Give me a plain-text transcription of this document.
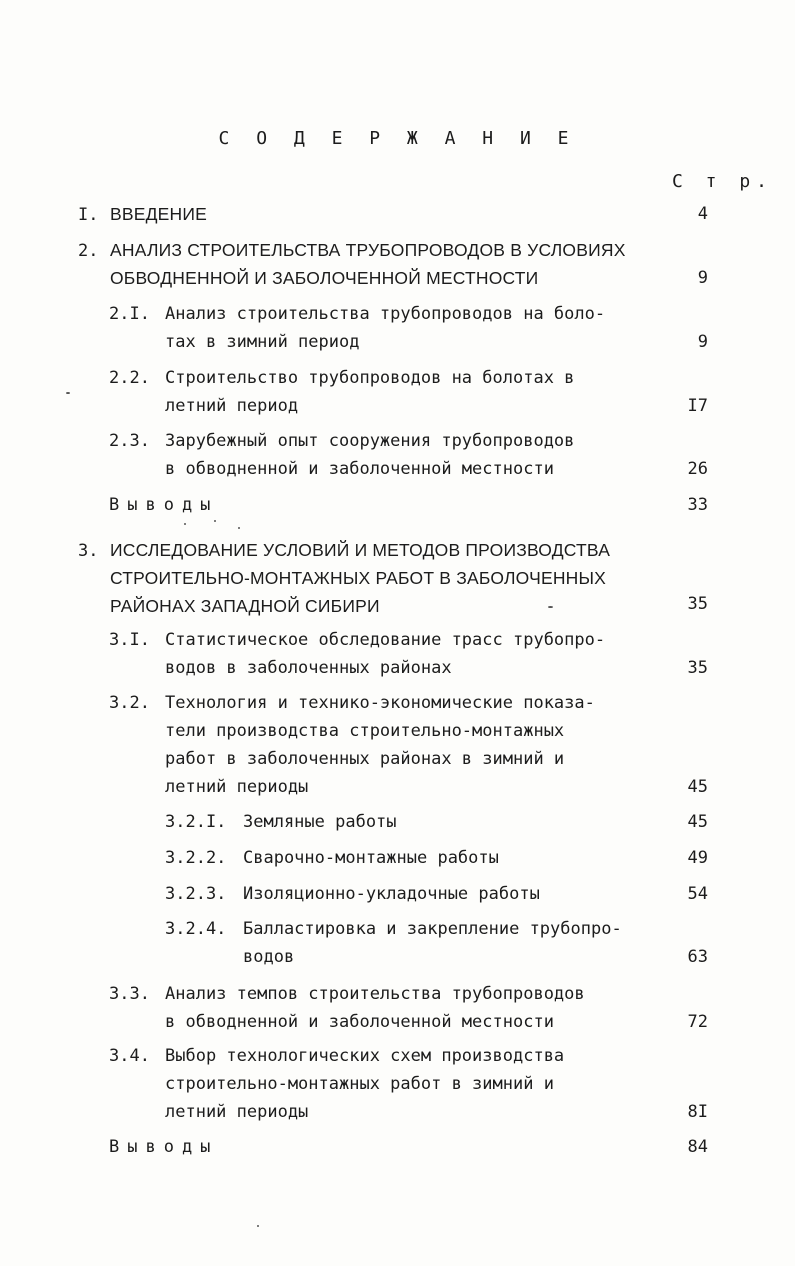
С О Д Е Р Ж А Н И Е
С т р.
I. ВВЕДЕНИЕ	4
2. АНАЛИЗ СТРОИТЕЛЬСТВА ТРУБОПРОВОДОВ В УСЛОВИЯХ
ОБВОДНЕННОЙ И ЗАБОЛОЧЕННОЙ МЕСТНОСТИ	9
2.I. Анализ строительства трубопроводов на боло-
тах в зимний период	9
2.2. Строительство трубопроводов на болотах в
летний период	I7
2.3. Зарубежный опыт сооружения трубопроводов
в обводненной и заболоченной местности	26
Выводы	33
3. ИССЛЕДОВАНИЕ УСЛОВИЙ И МЕТОДОВ ПРОИЗВОДСТВА
СТРОИТЕЛЬНО-МОНТАЖНЫХ РАБОТ В ЗАБОЛОЧЕННЫХ
РАЙОНАХ ЗАПАДНОЙ СИБИРИ	35
3.I. Статистическое обследование трасс трубопро-
водов в заболоченных районах	35
3.2. Технология и технико-экономические показа-
тели производства строительно-монтажных
работ в заболоченных районах в зимний и
летний периоды	45
3.2.I. Земляные работы	45
3.2.2. Сварочно-монтажные работы	49
3.2.3. Изоляционно-укладочные работы	54
3.2.4. Балластировка и закрепление трубопро-
водов	63
3.3. Анализ темпов строительства трубопроводов
в обводненной и заболоченной местности	72
3.4. Выбор технологических схем производства
строительно-монтажных работ в зимний и
летний периоды	8I
Выводы	84
